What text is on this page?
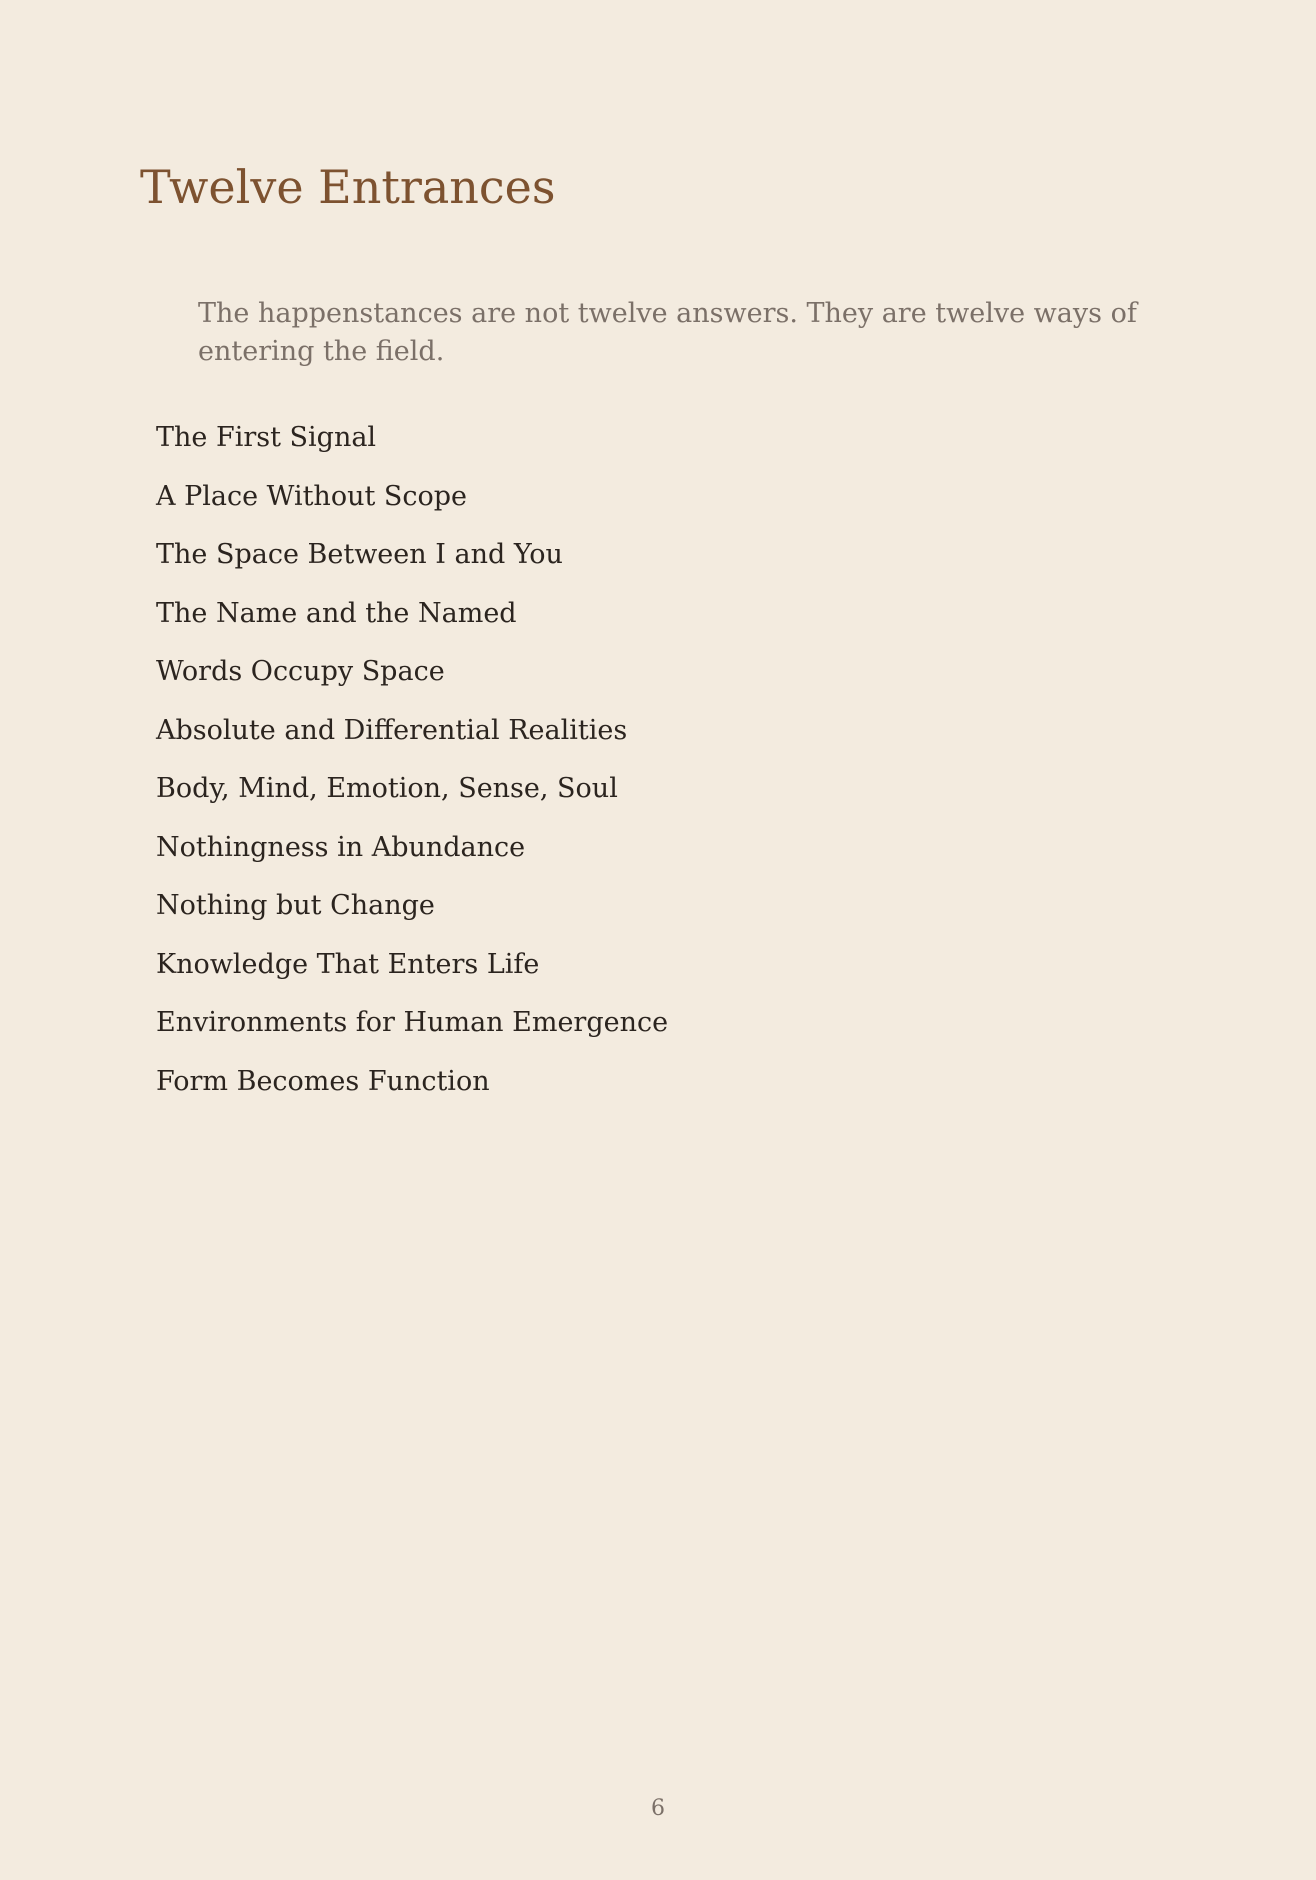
Twelve Entrances

The happenstances are not twelve answers. They are twelve ways of entering the field.

The First Signal
A Place Without Scope
The Space Between I and You
The Name and the Named
Words Occupy Space
Absolute and Differential Realities
Body, Mind, Emotion, Sense, Soul
Nothingness in Abundance
Nothing but Change
Knowledge That Enters Life
Environments for Human Emergence
Form Becomes Function
6
